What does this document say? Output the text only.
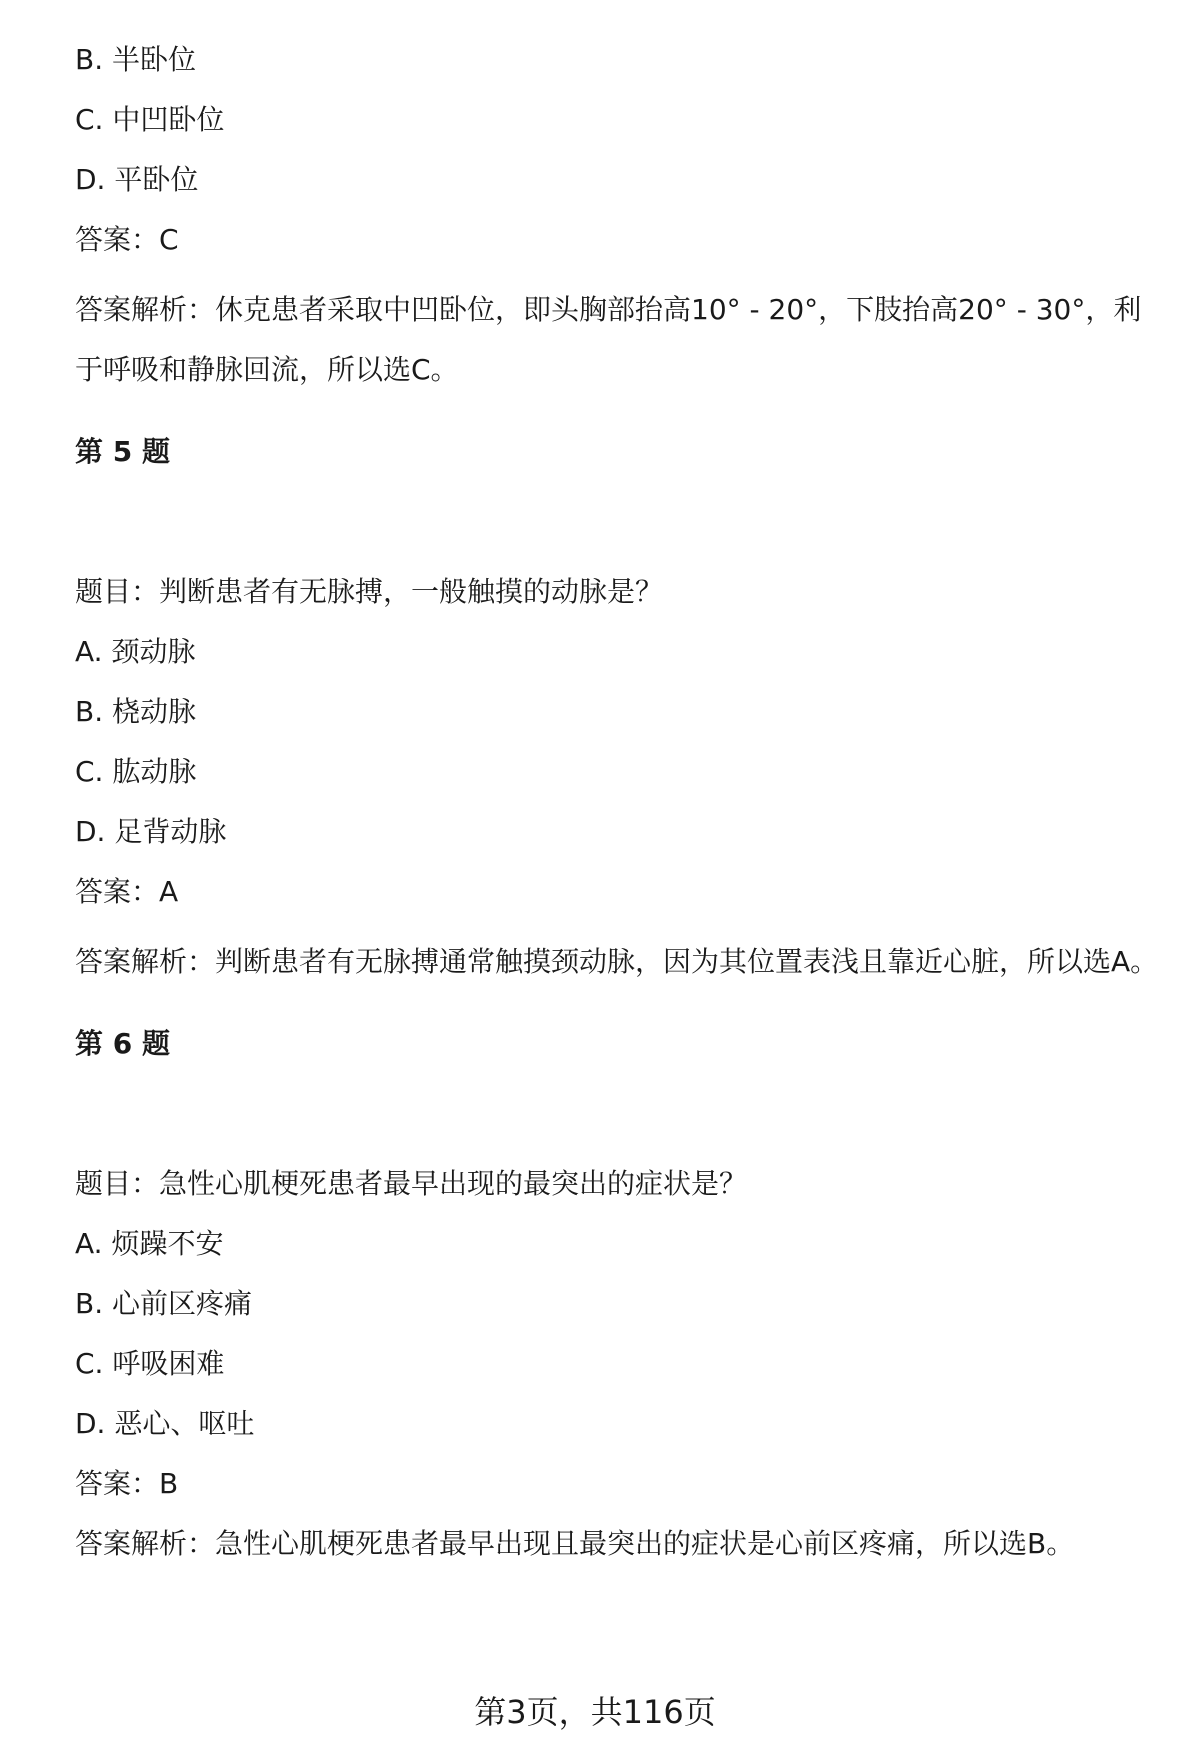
B. 半卧位
C. 中凹卧位
D. 平卧位
答案：C
答案解析：休克患者采取中凹卧位，即头胸部抬高10° - 20°，下肢抬高20° - 30°，利于呼吸和静脉回流，所以选C。
第 5 题
题目：判断患者有无脉搏，一般触摸的动脉是？
A. 颈动脉
B. 桡动脉
C. 肱动脉
D. 足背动脉
答案：A
答案解析：判断患者有无脉搏通常触摸颈动脉，因为其位置表浅且靠近心脏，所以选A。
第 6 题
题目：急性心肌梗死患者最早出现的最突出的症状是？
A. 烦躁不安
B. 心前区疼痛
C. 呼吸困难
D. 恶心、呕吐
答案：B
答案解析：急性心肌梗死患者最早出现且最突出的症状是心前区疼痛，所以选B。
第3页，共116页
